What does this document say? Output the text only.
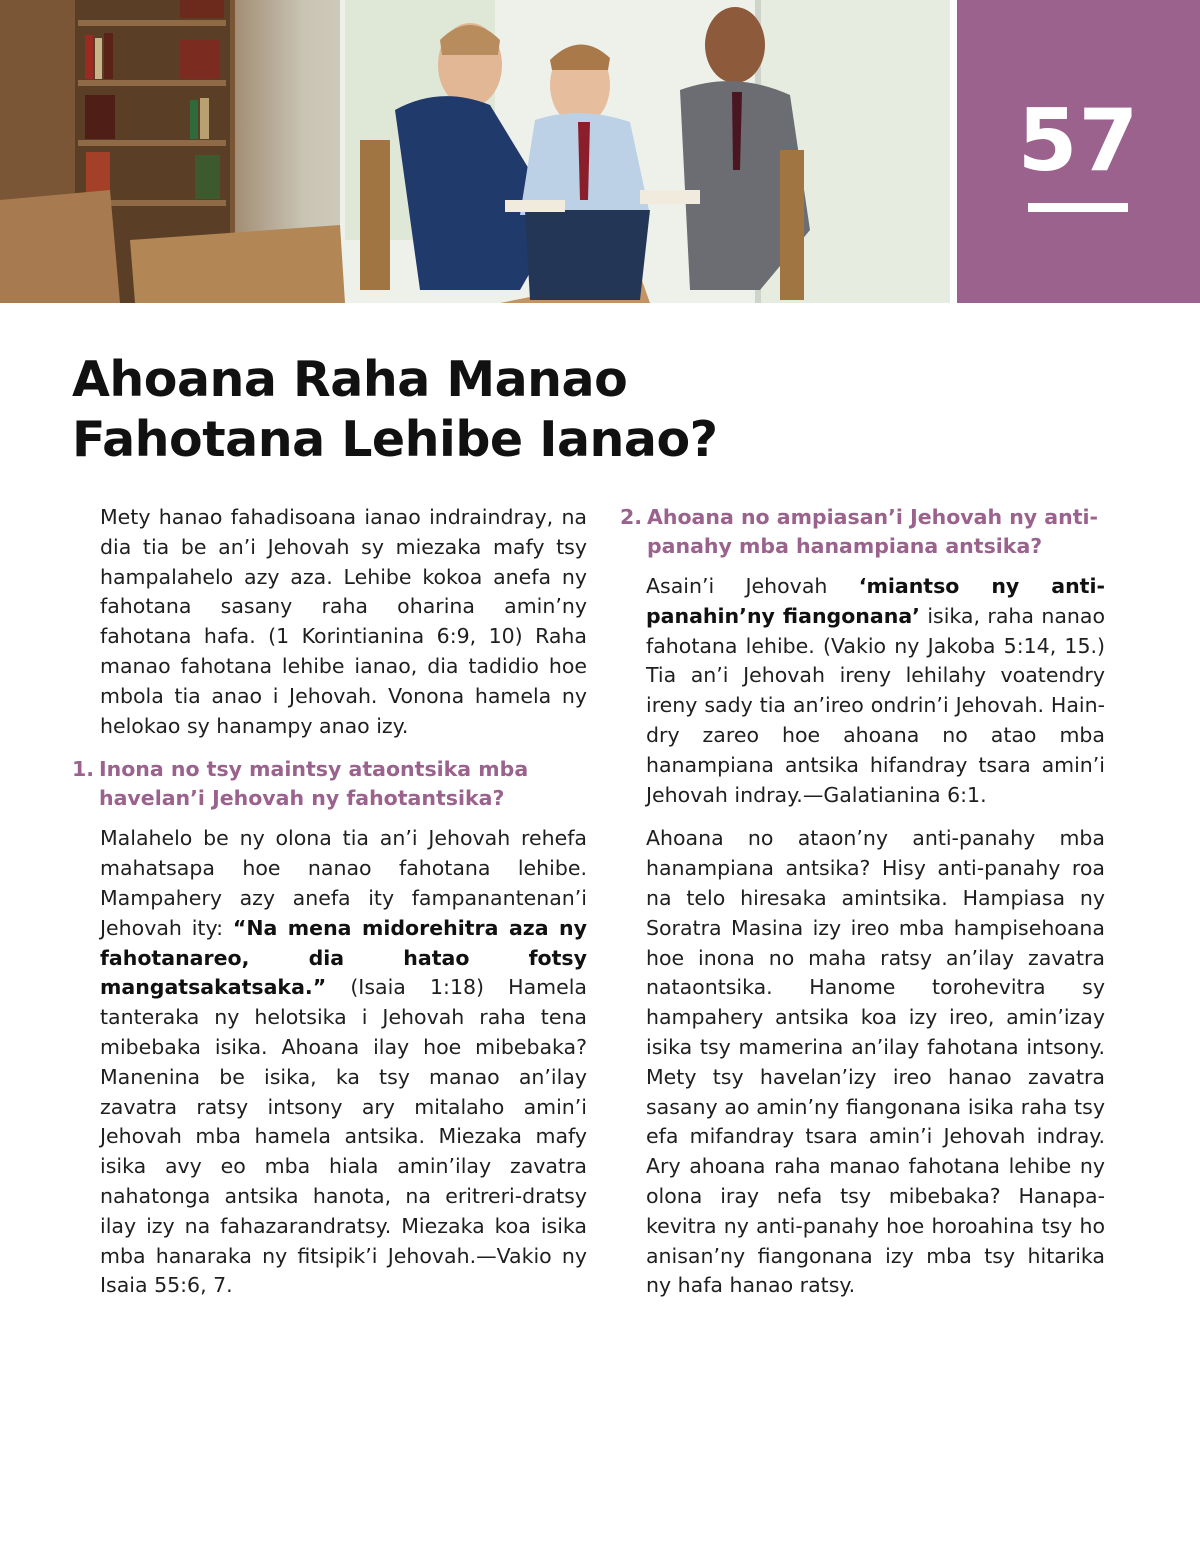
57
Ahoana Raha Manao
Fahotana Lehibe Ianao?

Mety hanao fahadisoana ianao indraindray, na dia tia be an’i Jehovah sy miezaka mafy tsy hampalahelo azy aza. Lehibe kokoa anefa ny fahotana sasany raha oharina amin’ny fahotana hafa. (1 Korintianina 6:9, 10) Raha manao fahotana lehibe ianao, dia tadidio hoe mbola tia anao i Jehovah. Vonona hamela ny helokao sy hanampy anao izy.

1. Inona no tsy maintsy ataontsika mba havelan’i Jehovah ny fahotantsika?

Malahelo be ny olona tia an’i Jehovah rehefa mahatsapa hoe nanao fahotana lehibe. Mampahery azy anefa ity fampanantenan’i Jehovah ity: “Na mena midorehitra aza ny fahotanareo, dia hatao fotsy mangatsakatsaka.” (Isaia 1:18) Hamela tanteraka ny helotsika i Jehovah raha tena mibebaka isika. Ahoana ilay hoe mibebaka? Manenina be isika, ka tsy manao an’ilay zavatra ratsy intsony ary mitalaho amin’i Jehovah mba hamela antsika. Miezaka mafy isika avy eo mba hiala amin’ilay zavatra nahatonga antsika hanota, na eritreri-dratsy ilay izy na fahazarandratsy. Miezaka koa isika mba hanaraka ny fitsipik’i Jehovah.—Vakio ny Isaia 55:6, 7.

2. Ahoana no ampiasan’i Jehovah ny anti-panahy mba hanampiana antsika?

Asain’i Jehovah ‘miantso ny anti-panahin’ny fiangonana’ isika, raha nanao fahotana lehibe. (Vakio ny Jakoba 5:14, 15.) Tia an’i Jehovah ireny lehilahy voatendry ireny sady tia an’ireo ondrin’i Jehovah. Hain-dry zareo hoe ahoana no atao mba hanampiana antsika hifandray tsara amin’i Jehovah indray.—Galatianina 6:1.

Ahoana no ataon’ny anti-panahy mba hanampiana antsika? Hisy anti-panahy roa na telo hiresaka amintsika. Hampiasa ny Soratra Masina izy ireo mba hampisehoana hoe inona no maha ratsy an’ilay zavatra nataontsika. Hanome torohevitra sy hampahery antsika koa izy ireo, amin’izay isika tsy mamerina an’ilay fahotana intsony. Mety tsy havelan’izy ireo hanao zavatra sasany ao amin’ny fiangonana isika raha tsy efa mifandray tsara amin’i Jehovah indray. Ary ahoana raha manao fahotana lehibe ny olona iray nefa tsy mibebaka? Hanapa-kevitra ny anti-panahy hoe horoahina tsy ho anisan’ny fiangonana izy mba tsy hitarika ny hafa hanao ratsy.
